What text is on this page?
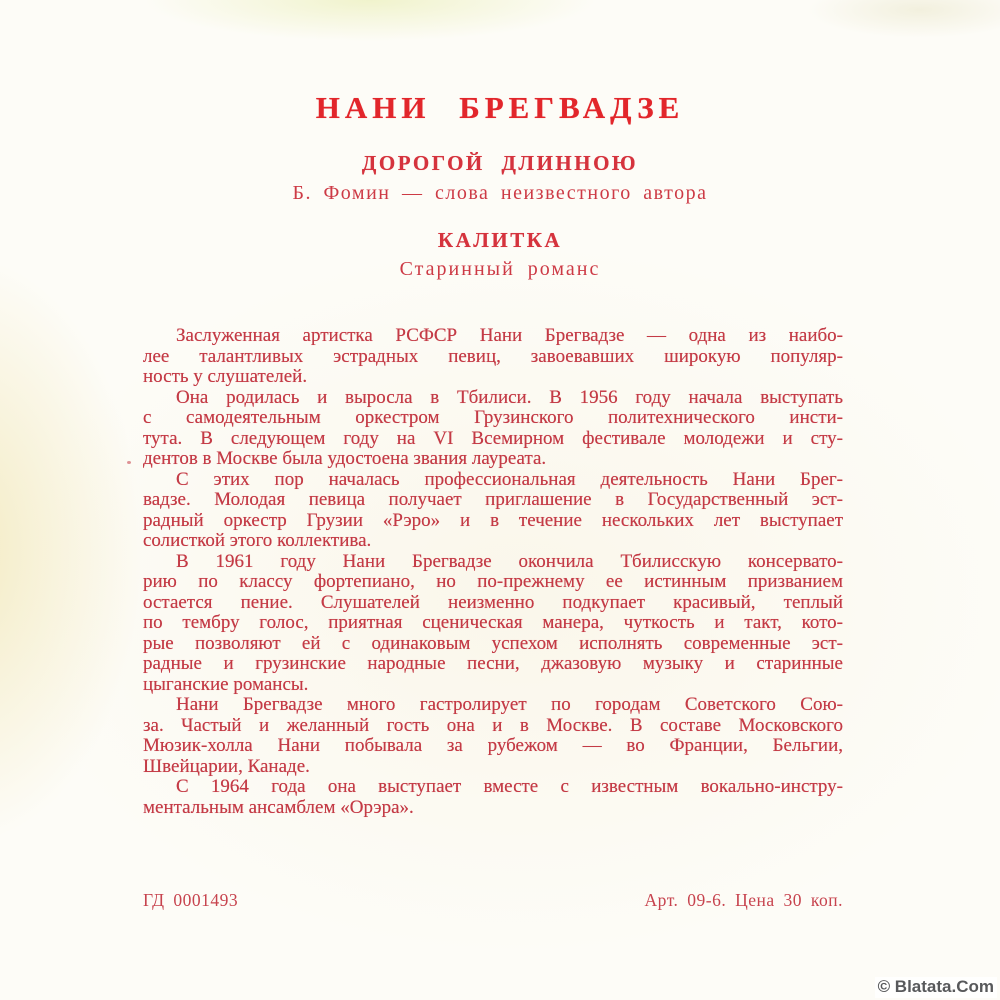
НАНИ БРЕГВАДЗЕ
ДОРОГОЙ ДЛИННОЮ
Б. Фомин — слова неизвестного автора
КАЛИТКА
Старинный романс
Заслуженная артистка РСФСР Нани Брегвадзе — одна из наибо-
лее талантливых эстрадных певиц, завоевавших широкую популяр-
ность у слушателей.
Она родилась и выросла в Тбилиси. В 1956 году начала выступать
с самодеятельным оркестром Грузинского политехнического инсти-
тута. В следующем году на VI Всемирном фестивале молодежи и сту-
дентов в Москве была удостоена звания лауреата.
С этих пор началась профессиональная деятельность Нани Брег-
вадзе. Молодая певица получает приглашение в Государственный эст-
радный оркестр Грузии «Рэро» и в течение нескольких лет выступает
солисткой этого коллектива.
В 1961 году Нани Брегвадзе окончила Тбилисскую консервато-
рию по классу фортепиано, но по-прежнему ее истинным призванием
остается пение. Слушателей неизменно подкупает красивый, теплый
по тембру голос, приятная сценическая манера, чуткость и такт, кото-
рые позволяют ей с одинаковым успехом исполнять современные эст-
радные и грузинские народные песни, джазовую музыку и старинные
цыганские романсы.
Нани Брегвадзе много гастролирует по городам Советского Сою-
за. Частый и желанный гость она и в Москве. В составе Московского
Мюзик-холла Нани побывала за рубежом — во Франции, Бельгии,
Швейцарии, Канаде.
С 1964 года она выступает вместе с известным вокально-инстру-
ментальным ансамблем «Орэра».
ГД 0001493	Арт. 09-6. Цена 30 коп.
© Blatata.Com
